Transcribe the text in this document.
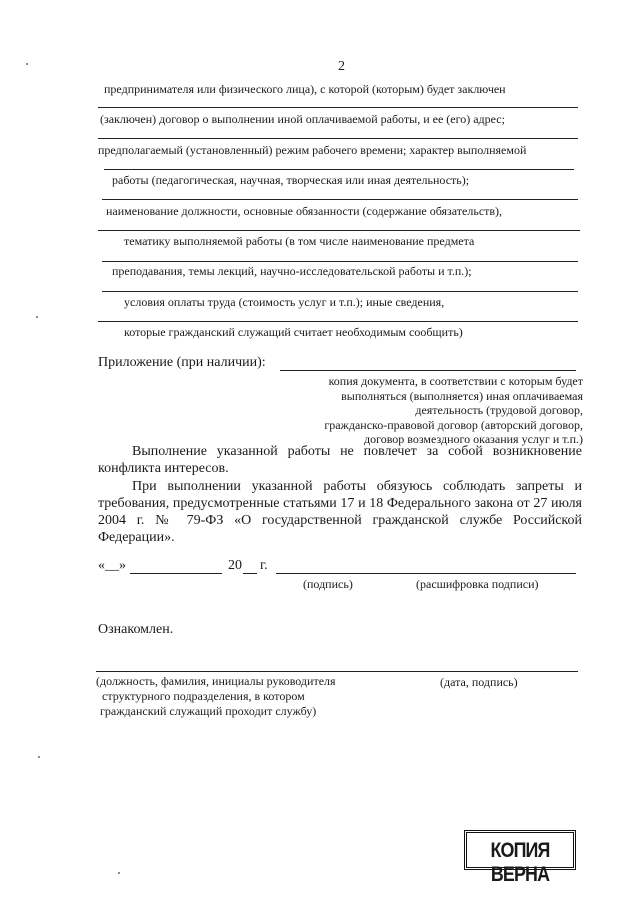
2
предпринимателя или физического лица), с которой (которым) будет заключен
(заключен) договор о выполнении иной оплачиваемой работы, и ее (его) адрес;
предполагаемый (установленный) режим рабочего времени; характер выполняемой
работы (педагогическая, научная, творческая или иная деятельность);
наименование должности, основные обязанности (содержание обязательств),
тематику выполняемой работы (в том числе наименование предмета
преподавания, темы лекций, научно-исследовательской работы и т.п.);
условия оплаты труда (стоимость услуг и т.п.); иные сведения,
которые гражданский служащий считает необходимым сообщить)
Приложение (при наличии):
копия документа, в соответствии с которым будет
выполняться (выполняется) иная оплачиваемая
деятельность (трудовой договор,
гражданско-правовой договор (авторский договор,
договор возмездного оказания услуг и т.п.)
Выполнение указанной работы не повлечет за собой возникновение конфликта интересов.
При выполнении указанной работы обязуюсь соблюдать запреты и требования, предусмотренные статьями 17 и 18 Федерального закона от 27 июля 2004 г. № 79-ФЗ «О государственной гражданской службе Российской Федерации».
«__»	20 г.
(подпись)	(расшифровка подписи)
Ознакомлен.
(должность, фамилия, инициалы руководителя
структурного подразделения, в котором
гражданский служащий проходит службу)
(дата, подпись)
КОПИЯ ВЕРНА
